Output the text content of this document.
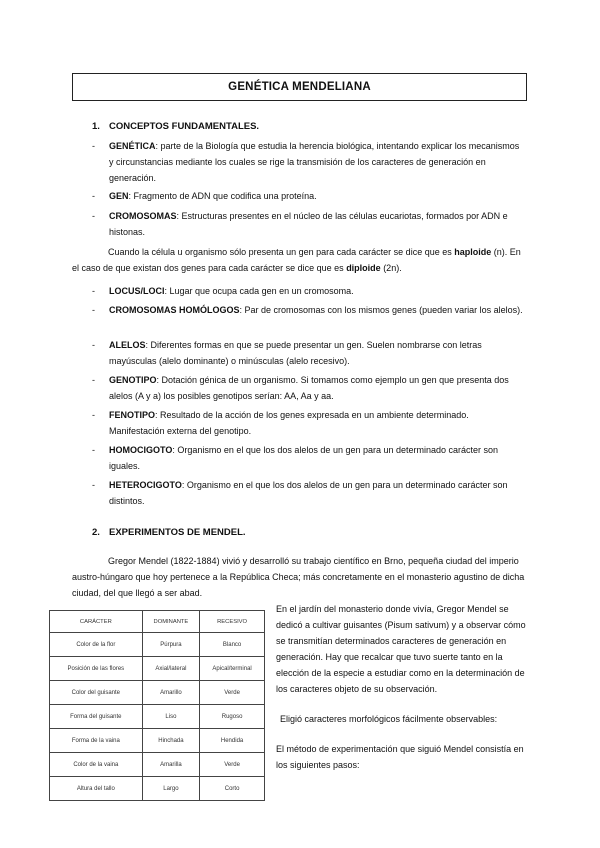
GENÉTICA MENDELIANA
1. CONCEPTOS FUNDAMENTALES.
- GENÉTICA: parte de la Biología que estudia la herencia biológica, intentando explicar los mecanismos y circunstancias mediante los cuales se rige la transmisión de los caracteres de generación en generación.
- GEN: Fragmento de ADN que codifica una proteína.
- CROMOSOMAS: Estructuras presentes en el núcleo de las células eucariotas, formados por ADN e histonas.
Cuando la célula u organismo sólo presenta un gen para cada carácter se dice que es haploide (n). En el caso de que existan dos genes para cada carácter se dice que es diploide (2n).
- LOCUS/LOCI: Lugar que ocupa cada gen en un cromosoma.
- CROMOSOMAS HOMÓLOGOS: Par de cromosomas con los mismos genes (pueden variar los alelos).
- ALELOS: Diferentes formas en que se puede presentar un gen. Suelen nombrarse con letras mayúsculas (alelo dominante) o minúsculas (alelo recesivo).
- GENOTIPO: Dotación génica de un organismo. Si tomamos como ejemplo un gen que presenta dos alelos (A y a) los posibles genotipos serían: AA, Aa y aa.
- FENOTIPO: Resultado de la acción de los genes expresada en un ambiente determinado. Manifestación externa del genotipo.
- HOMOCIGOTO: Organismo en el que los dos alelos de un gen para un determinado carácter son iguales.
- HETEROCIGOTO: Organismo en el que los dos alelos de un gen para un determinado carácter son distintos.
2. EXPERIMENTOS DE MENDEL.
Gregor Mendel (1822-1884) vivió y desarrolló su trabajo científico en Brno, pequeña ciudad del imperio austro-húngaro que hoy pertenece a la República Checa; más concretamente en el monasterio agustino de dicha ciudad, del que llegó a ser abad.
CARÁCTER	DOMINANTE	RECESIVO
Color de la flor	Púrpura	Blanco
Posición de las flores	Axial/lateral	Apical/terminal
Color del guisante	Amarillo	Verde
Forma del guisante	Liso	Rugoso
Forma de la vaina	Hinchada	Hendida
Color de la vaina	Amarilla	Verde
Altura del tallo	Largo	Corto
En el jardín del monasterio donde vivía, Gregor Mendel se dedicó a cultivar guisantes (Pisum sativum) y a observar cómo se transmitían determinados caracteres de generación en generación. Hay que recalcar que tuvo suerte tanto en la elección de la especie a estudiar como en la determinación de los caracteres objeto de su observación.
Eligió caracteres morfológicos fácilmente observables:
El método de experimentación que siguió Mendel consistía en los siguientes pasos:
